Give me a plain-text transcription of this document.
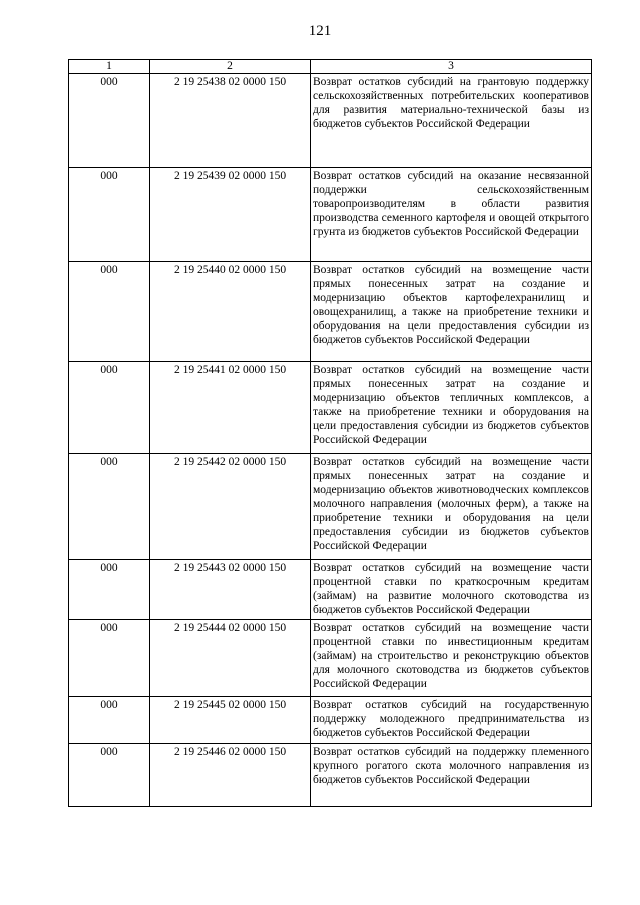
121
1	2	3
000	2 19 25438 02 0000 150	Возврат остатков субсидий на грантовую поддержку сельскохозяйственных потребительских кооперативов для развития материально-технической базы из бюджетов субъектов Российской Федерации
000	2 19 25439 02 0000 150	Возврат остатков субсидий на оказание несвязанной поддержки сельскохозяйственным товаропроизводителям в области развития производства семенного картофеля и овощей открытого грунта из бюджетов субъектов Российской Федерации
000	2 19 25440 02 0000 150	Возврат остатков субсидий на возмещение части прямых понесенных затрат на создание и модернизацию объектов картофелехранилищ и овощехранилищ, а также на приобретение техники и оборудования на цели предоставления субсидии из бюджетов субъектов Российской Федерации
000	2 19 25441 02 0000 150	Возврат остатков субсидий на возмещение части прямых понесенных затрат на создание и модернизацию объектов тепличных комплексов, а также на приобретение техники и оборудования на цели предоставления субсидии из бюджетов субъектов Российской Федерации
000	2 19 25442 02 0000 150	Возврат остатков субсидий на возмещение части прямых понесенных затрат на создание и модернизацию объектов животноводческих комплексов молочного направления (молочных ферм), а также на приобретение техники и оборудования на цели предоставления субсидии из бюджетов субъектов Российской Федерации
000	2 19 25443 02 0000 150	Возврат остатков субсидий на возмещение части процентной ставки по краткосрочным кредитам (займам) на развитие молочного скотоводства из бюджетов субъектов Российской Федерации
000	2 19 25444 02 0000 150	Возврат остатков субсидий на возмещение части процентной ставки по инвестиционным кредитам (займам) на строительство и реконструкцию объектов для молочного скотоводства из бюджетов субъектов Российской Федерации
000	2 19 25445 02 0000 150	Возврат остатков субсидий на государственную поддержку молодежного предпринимательства из бюджетов субъектов Российской Федерации
000	2 19 25446 02 0000 150	Возврат остатков субсидий на поддержку племенного крупного рогатого скота молочного направления из бюджетов субъектов Российской Федерации
